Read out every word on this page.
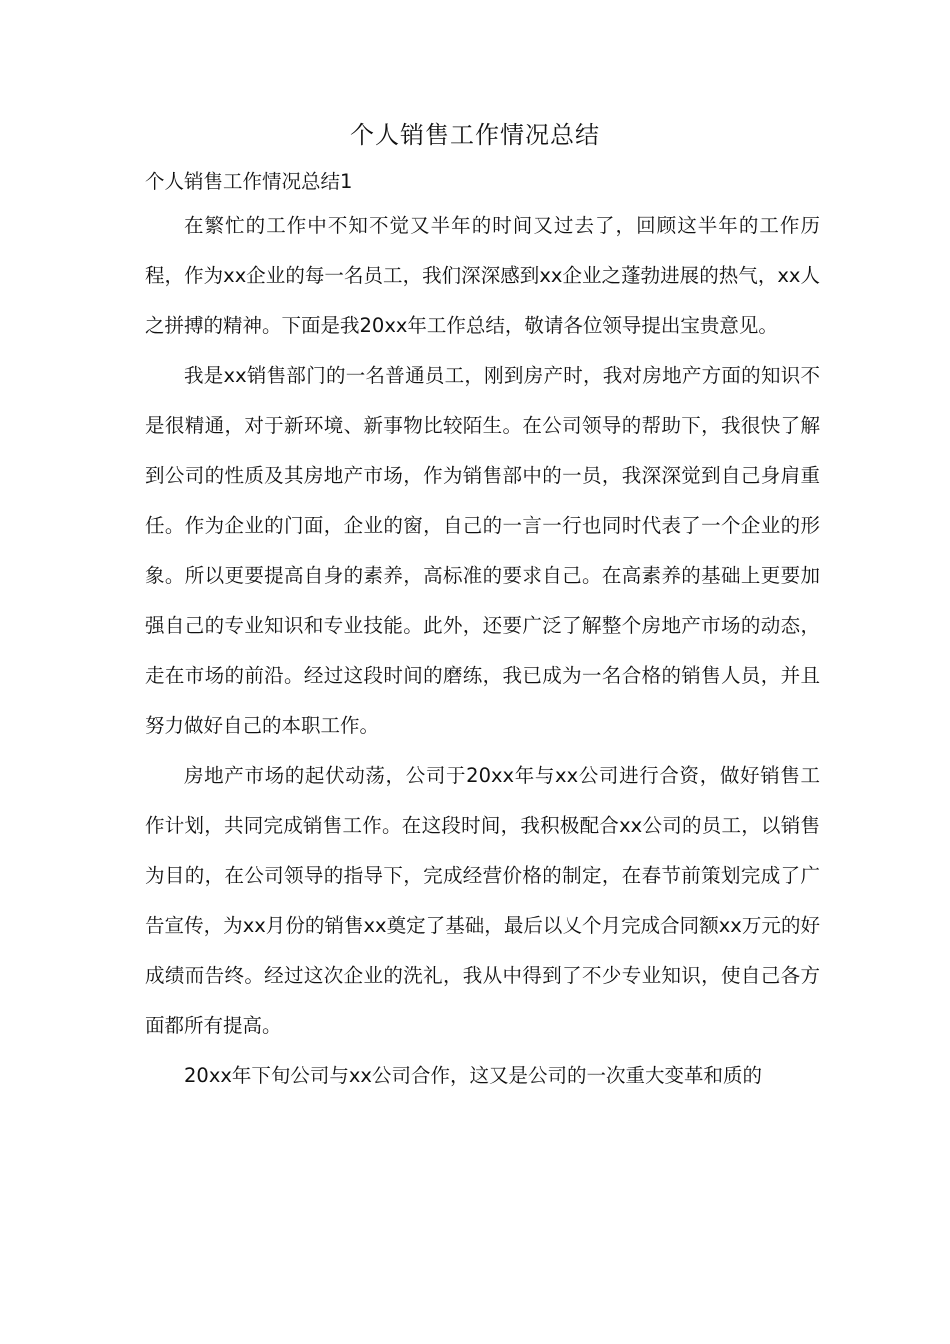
个人销售工作情况总结

个人销售工作情况总结1

在繁忙的工作中不知不觉又半年的时间又过去了，回顾这半年的工作历程，作为xx企业的每一名员工，我们深深感到xx企业之蓬勃进展的热气，xx人之拼搏的精神。下面是我20xx年工作总结，敬请各位领导提出宝贵意见。

我是xx销售部门的一名普通员工，刚到房产时，我对房地产方面的知识不是很精通，对于新环境、新事物比较陌生。在公司领导的帮助下，我很快了解到公司的性质及其房地产市场，作为销售部中的一员，我深深觉到自己身肩重任。作为企业的门面，企业的窗，自己的一言一行也同时代表了一个企业的形象。所以更要提高自身的素养，高标准的要求自己。在高素养的基础上更要加强自己的专业知识和专业技能。此外，还要广泛了解整个房地产市场的动态，走在市场的前沿。经过这段时间的磨练，我已成为一名合格的销售人员，并且努力做好自己的本职工作。

房地产市场的起伏动荡，公司于20xx年与xx公司进行合资，做好销售工作计划，共同完成销售工作。在这段时间，我积极配合xx公司的员工，以销售为目的，在公司领导的指导下，完成经营价格的制定，在春节前策划完成了广告宣传，为xx月份的销售xx奠定了基础，最后以乂个月完成合同额xx万元的好成绩而告终。经过这次企业的洗礼，我从中得到了不少专业知识，使自己各方面都所有提高。

20xx年下旬公司与xx公司合作，这又是公司的一次重大变革和质的
